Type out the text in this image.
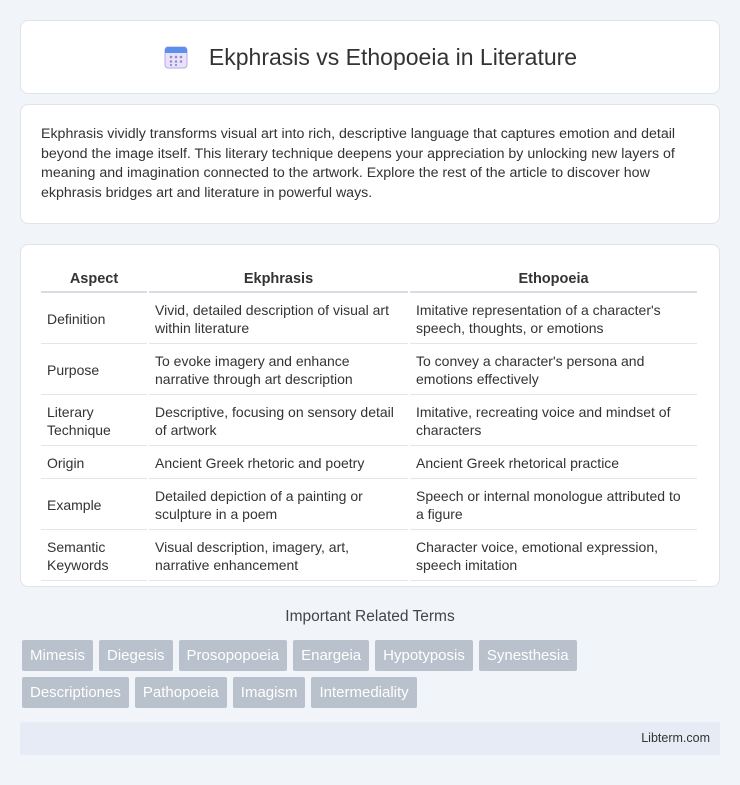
Ekphrasis vs Ethopoeia in Literature

Ekphrasis vividly transforms visual art into rich, descriptive language that captures emotion and detail beyond the image itself. This literary technique deepens your appreciation by unlocking new layers of meaning and imagination connected to the artwork. Explore the rest of the article to discover how ekphrasis bridges art and literature in powerful ways.

Aspect	Ekphrasis	Ethopoeia
Definition	Vivid, detailed description of visual art within literature	Imitative representation of a character's speech, thoughts, or emotions
Purpose	To evoke imagery and enhance narrative through art description	To convey a character's persona and emotions effectively
Literary Technique	Descriptive, focusing on sensory detail of artwork	Imitative, recreating voice and mindset of characters
Origin	Ancient Greek rhetoric and poetry	Ancient Greek rhetorical practice
Example	Detailed depiction of a painting or sculpture in a poem	Speech or internal monologue attributed to a figure
Semantic Keywords	Visual description, imagery, art, narrative enhancement	Character voice, emotional expression, speech imitation
Important Related Terms
Mimesis	Diegesis	Prosopopoeia	Enargeia	Hypotyposis	Synesthesia
Descriptiones	Pathopoeia	Imagism	Intermediality
Libterm.com
